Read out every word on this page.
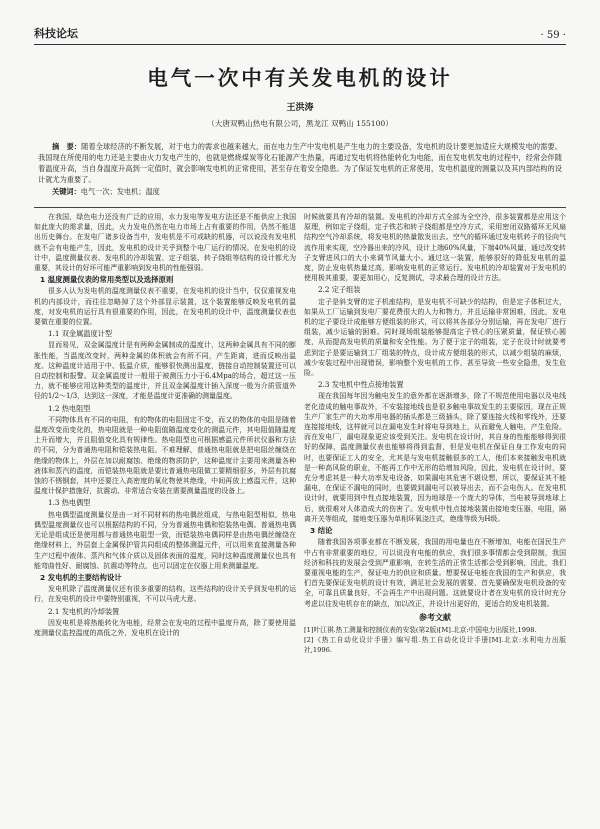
科技论坛	· 59 ·
电气一次中有关发电机的设计
王洪涛
（大唐双鸭山热电有限公司，黑龙江 双鸭山 155100）
摘　要：随着全球经济的不断发展，对于电力的需求也越来越大，而在电力生产中发电机是产生电力的主要设备，发电机的设计要更加适应大规模发电的需要。我国现在所使用的电力还是主要由火力发电产生的，也就是燃烧煤炭等化石能源产生热量，再通过发电机将热能转化为电能，而在发电机发电的过程中，经常会伴随着温度升高，当自身温度升高到一定值时，就会影响发电机的正常使用，甚至存在着安全隐患。为了保证发电机的正常使用，发电机温度的测量以及其内部结构的设计就尤为重要了。
关键词：电气一次；发电机；温度

在我国，绿色电力还没有广泛的应用，水力发电等发电方法还是不能供应上我国如此庞大的需求量，因此，火力发电仍然在电力市场上占有重要的作用，仍然不能退出历史舞台。在发电厂诸多设备当中，发电机是不可或缺的机器，可以说没有发电机就不会有电能产生，因此，发电机的设计关乎到整个电厂运行的情况。在发电机的设计中，温度测量仪表、发电机的冷却装置、定子组装、转子绕组等结构的设计都尤为重要，其设计的好坏可能严重影响到发电机的性能强弱。

1 温度测量仪表的常用类型以及选择原则

很多人认为发电机的温度测量仪表不重要，在发电机的设计当中，仅仅重视发电机的内部设计，而往往忽略掉了这个外部显示装置，这个装置能够反映发电机的温度，对发电机的运行具有很重要的作用，因此，在发电机的设计中，温度测量仪表也要做在重要的位置。

1.1 双金属温度计型

显而易见，双金属温度计是有两种金属制成的温度计，这两种金属具有不同的膨胀性能，当温度改变时，两种金属的体积就会有所不同，产生距离，进而反映出温度。这种温度计适用于中、低温介质，能够很快测出温度，链接自动控制装置还可以自动控制和报警。双金属温度计一般用于被测压力小于6.4Mpa的场合，超过这一压力，就不能够应用这种类型的温度计，并且双金属温度计插入深度一般为介质管道外径的1/2～1/3，达到这一深度，才能是温度计更准确的测量温度。

1.2 热电阻型

不同物体具有不同的电阻，有的物体的电阻固定不变，而又的物体的电阻是随着温度改变而变化的，热电阻就是一种电阻值随温度变化的测温元件，其电阻值随温度上升而增大，并且阻值变化具有规律性。热电阻型也可根据感温元件所状仪器和方法的不同，分为普通热电阻和铠装热电阻。不难理解，普通热电阻就是把电阻丝缠绕在绝缘的物体上，外层在加以耐腐蚀、绝缘的物质防护，这种温度计主要用来测量各种液体和蒸汽的温度，而铠装热电阻就是要比普通热电阻做工要精细很多，外层有抗腐蚀的不锈钢套，其中还要注入高密度的氧化物使其绝缘，中间再放上感温元件，这种温度计保护措施好，抗震动、非常适合安装在需要测量温度的设备上。

1.3 热电偶型

热电偶型温度测量仪是由一对不同材料的热电偶丝组成，与热电阻型相似，热电偶型温度测量仪也可以根据结构的不同，分为普通热电偶和铠装热电偶。普通热电偶无论是组成还是使用都与普通热电阻型一致，而铠装热电偶同样是由热电偶丝缠绕在绝缘材料上，外层套上金属保护管共同组成的整体测温元件，可以用来直接测量各种生产过程中液体、蒸汽和气体介质以及固体表面的温度，同时这种温度测量仪也具有能弯曲性好、耐腐蚀、抗震动等特点，也可以固定在仪器上用来测量温度。

2 发电机的主要结构设计

发电机除了温度测量仪还有很多重要的结构，这些结构的设计关乎到发电机的运行，在发电机的设计中要特别重视，不可以马虎大意。

2.1 发电机的冷却装置

因发电机是将热能转化为电能，经常会在发电的过程中温度升高，除了要使用温度测量仪监控温度的高低之外，发电机在设计的

时候就要具有冷却的装置。发电机的冷却方式全部为全空冷，很多装置都是应用这个原理，例如定子绕组，定子铁芯和转子绕组都是空冷方式，采用密闭双路循环无风扇结构空气冷却系统，将发电机的热量散发出去。空气的循环通过发电机转子的径向气流作用来实现，空冷器出来的冷风，设计上端60%风量，下端40%风量，通过改变转子支臂进风口的大小来调节风量大小。通过这一装置，能够很好的降低发电机的温度，防止发电机热量过高，影响发电机的正常运行。发电机的冷却装置对于发电机的使用极其重要，要更加用心，反复测试，寻求最合理的设计方法。

2.2 定子组装

定子是斜支臂的定子机座结构，是发电机不可缺少的结构，但是定子体积过大，如果从工厂运输到发电厂要花费很大的人力和物力，并且运输非常困难，因此，发电机的定子要设计成能够方便组装的形式，可以将其各部分分别运输，再在发电厂进行组装，减少运输的困难。同时现场组装能够提高定子铁心的压紧质量，保证铁心圆度，从而提高发电机的质量和安全性能。为了便于定子的组装，定子在设计时就要考虑到定子是要运输到工厂组装的特点，设计成方便组装的形式，以减少组装的麻烦，减少安装过程中出现错误，影响整个发电机的工作，甚至导致一些安全隐患，发生危险。

2.3 发电机中性点接地装置

现在我国每年因为触电发生的意外都在逐渐增多，除了不规范使用电器以及电线老化造成的触电事故外，不安装接地线也是很多触电事故发生的主要原因，现在正规生产厂家生产的大功率用电器的插头都是三级插头，除了要连接火线和零线外，还要连接接地线，这样就可以在漏电发生时将电导到地上，从而避免人触电，产生危险。而在发电厂，漏电现象更应该受到关注。发电机在设计时，其自身的性能能够得到很好的保障，温度测量仪表也能够将得到监督，但是发电机在保证自身工作发电的同时，也要保证工人的安全，尤其是与发电机接触很多的工人，他们本来接触发电机就是一种高风险的职业，不能再工作中无形的给增加风险，因此，发电机在设计时，要充分考虑其是一种大功率发电设备，如果漏电其危害不堪设想，所以，要保证其不能漏电，在保证不漏电的同时，也要做到漏电可以被导出去，而不会电伤人。在发电机设计时，就要用到中性点接地装置，因为地球是一个庞大的导体，当电被导到地球上后，就很难对人体造成大的伤害了。发电机中性点接地装置由接地变压器，电阻，隔离开关等组成，接地变压器为单相环氧浇注式，绝缘等级为H级。

3 结论

随着我国各项事业都在不断发展，我国的用电量也在不断增加，电能在国民生产中占有非常重要的地位，可以说没有电能的供应，我们很多事情都会受到限制，我国经济和科技的发展会受到严重影响，在转生活的正常生活都会受到影响，因此，我们要重视电能的生产，保证电力的供应和质量。想要保证电能在我国的生产和供应，我们首先要保证发电机的设计有效，满足社会发展的需要，首先要确保发电机设备的安全，可靠且质量良好，不会再生产中出现问题。这就要设计者在发电机的设计时充分考虑以往发电机存在的缺点，加以改正，并设计出更好的，更适合的发电机装置。

参考文献
[1]叶江祺.热工测量和控制仪表的安装(第2版)[M].北京:中国电力出版社,1998.
[2]《热工自动化设计手册》编写组.热工自动化设计手册[M].北京:水利电力出版社,1996.
